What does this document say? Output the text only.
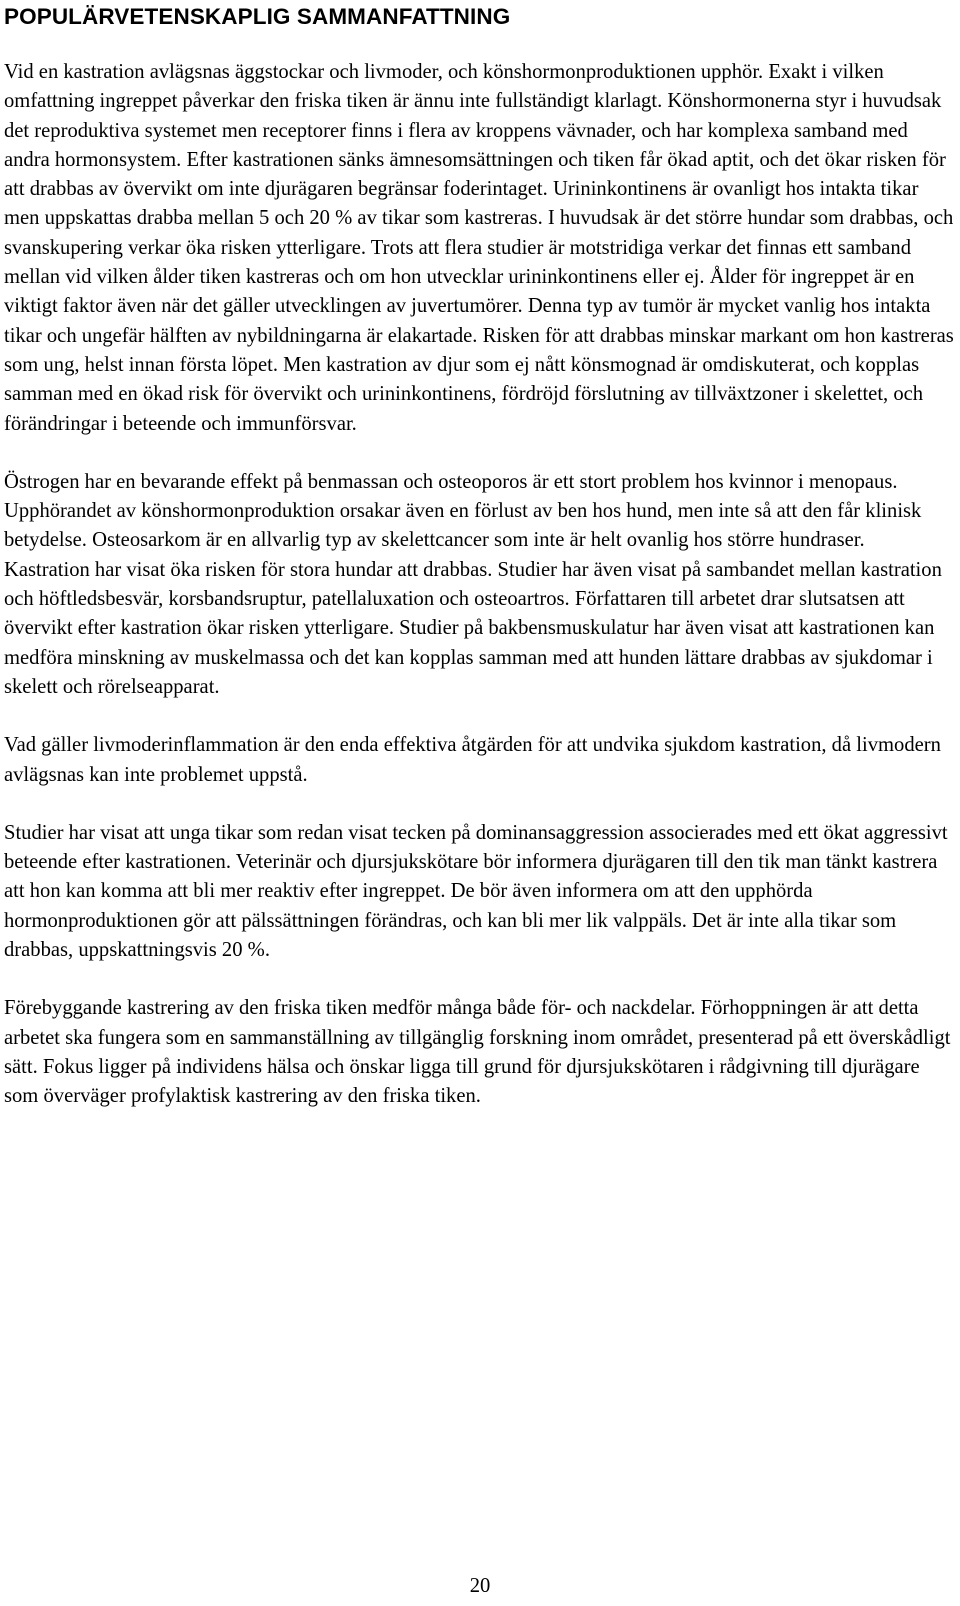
POPULÄRVETENSKAPLIG SAMMANFATTNING

Vid en kastration avlägsnas äggstockar och livmoder, och könshormonproduktionen upphör. Exakt i vilken omfattning ingreppet påverkar den friska tiken är ännu inte fullständigt klarlagt. Könshormonerna styr i huvudsak det reproduktiva systemet men receptorer finns i flera av kroppens vävnader, och har komplexa samband med andra hormonsystem. Efter kastrationen sänks ämnesomsättningen och tiken får ökad aptit, och det ökar risken för att drabbas av övervikt om inte djurägaren begränsar foderintaget. Urininkontinens är ovanligt hos intakta tikar men uppskattas drabba mellan 5 och 20 % av tikar som kastreras. I huvudsak är det större hundar som drabbas, och svanskupering verkar öka risken ytterligare. Trots att flera studier är motstridiga verkar det finnas ett samband mellan vid vilken ålder tiken kastreras och om hon utvecklar urininkontinens eller ej. Ålder för ingreppet är en viktigt faktor även när det gäller utvecklingen av juvertumörer. Denna typ av tumör är mycket vanlig hos intakta tikar och ungefär hälften av nybildningarna är elakartade. Risken för att drabbas minskar markant om hon kastreras som ung, helst innan första löpet. Men kastration av djur som ej nått könsmognad är omdiskuterat, och kopplas samman med en ökad risk för övervikt och urininkontinens, fördröjd förslutning av tillväxtzoner i skelettet, och förändringar i beteende och immunförsvar.

Östrogen har en bevarande effekt på benmassan och osteoporos är ett stort problem hos kvinnor i menopaus. Upphörandet av könshormonproduktion orsakar även en förlust av ben hos hund, men inte så att den får klinisk betydelse. Osteosarkom är en allvarlig typ av skelettcancer som inte är helt ovanlig hos större hundraser. Kastration har visat öka risken för stora hundar att drabbas. Studier har även visat på sambandet mellan kastration och höftledsbesvär, korsbandsruptur, patellaluxation och osteoartros. Författaren till arbetet drar slutsatsen att övervikt efter kastration ökar risken ytterligare. Studier på bakbensmuskulatur har även visat att kastrationen kan medföra minskning av muskelmassa och det kan kopplas samman med att hunden lättare drabbas av sjukdomar i skelett och rörelseapparat.

Vad gäller livmoderinflammation är den enda effektiva åtgärden för att undvika sjukdom kastration, då livmodern avlägsnas kan inte problemet uppstå.

Studier har visat att unga tikar som redan visat tecken på dominansaggression associerades med ett ökat aggressivt beteende efter kastrationen. Veterinär och djursjukskötare bör informera djurägaren till den tik man tänkt kastrera att hon kan komma att bli mer reaktiv efter ingreppet. De bör även informera om att den upphörda hormonproduktionen gör att pälssättningen förändras, och kan bli mer lik valppäls. Det är inte alla tikar som drabbas, uppskattningsvis 20 %.

Förebyggande kastrering av den friska tiken medför många både för- och nackdelar. Förhoppningen är att detta arbetet ska fungera som en sammanställning av tillgänglig forskning inom området, presenterad på ett överskådligt sätt. Fokus ligger på individens hälsa och önskar ligga till grund för djursjukskötaren i rådgivning till djurägare som överväger profylaktisk kastrering av den friska tiken.

20
